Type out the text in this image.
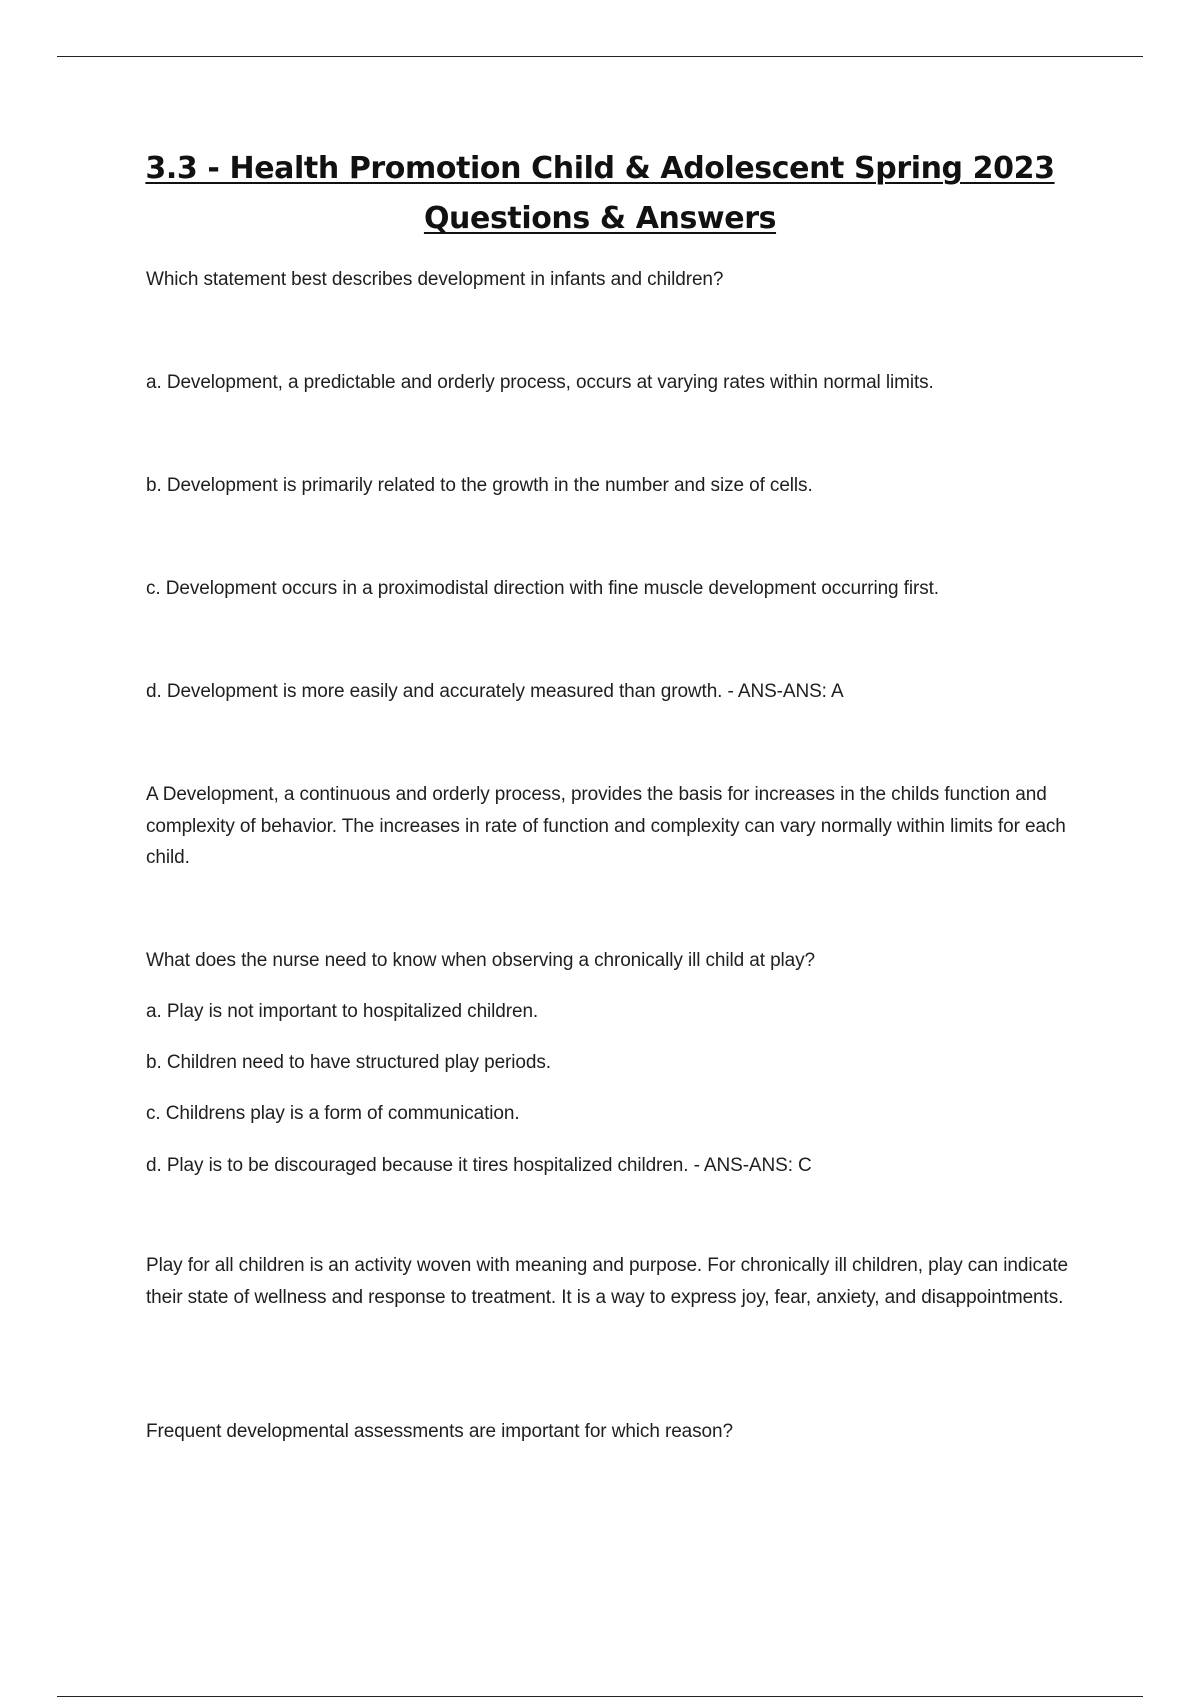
3.3 - Health Promotion Child & Adolescent Spring 2023
Questions & Answers
Which statement best describes development in infants and children?
a. Development, a predictable and orderly process, occurs at varying rates within normal limits.
b. Development is primarily related to the growth in the number and size of cells.
c. Development occurs in a proximodistal direction with fine muscle development occurring first.
d. Development is more easily and accurately measured than growth. - ANS-ANS: A
A Development, a continuous and orderly process, provides the basis for increases in the childs function and complexity of behavior. The increases in rate of function and complexity can vary normally within limits for each child.
What does the nurse need to know when observing a chronically ill child at play?
a. Play is not important to hospitalized children.
b. Children need to have structured play periods.
c. Childrens play is a form of communication.
d. Play is to be discouraged because it tires hospitalized children. - ANS-ANS: C
Play for all children is an activity woven with meaning and purpose. For chronically ill children, play can indicate their state of wellness and response to treatment. It is a way to express joy, fear, anxiety, and disappointments.
Frequent developmental assessments are important for which reason?
